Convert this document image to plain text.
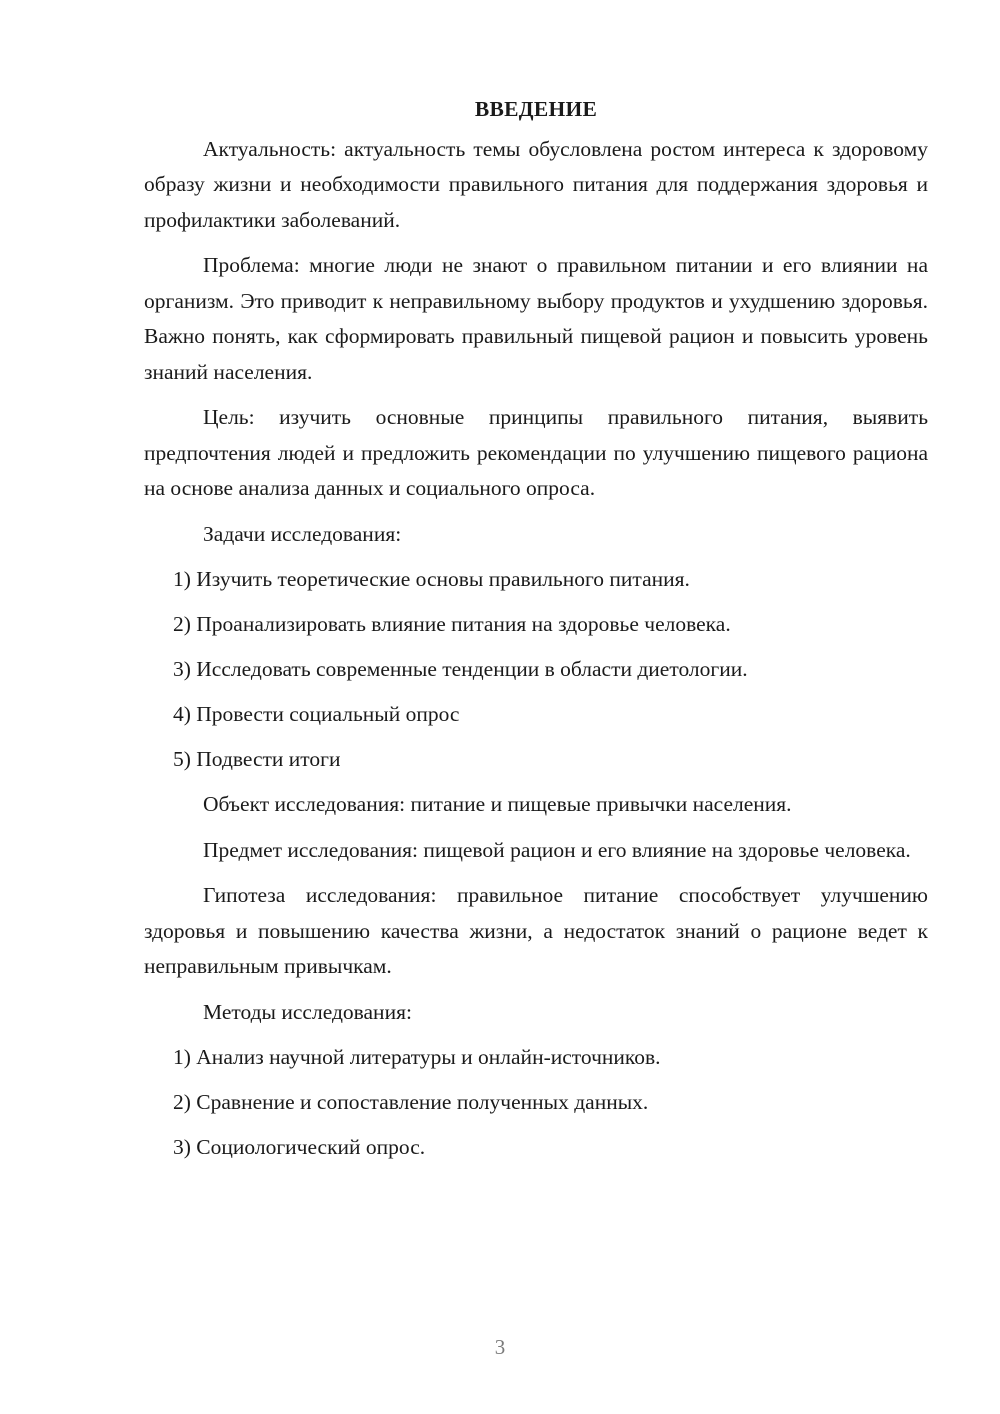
ВВЕДЕНИЕ

Актуальность: актуальность темы обусловлена ростом интереса к здоровому образу жизни и необходимости правильного питания для поддержания здоровья и профилактики заболеваний.

Проблема: многие люди не знают о правильном питании и его влиянии на организм. Это приводит к неправильному выбору продуктов и ухудшению здоровья. Важно понять, как сформировать правильный пищевой рацион и повысить уровень знаний населения.

Цель: изучить основные принципы правильного питания, выявить предпочтения людей и предложить рекомендации по улучшению пищевого рациона на основе анализа данных и социального опроса.

Задачи исследования:

1) Изучить теоретические основы правильного питания.

2) Проанализировать влияние питания на здоровье человека.

3) Исследовать современные тенденции в области диетологии.

4) Провести социальный опрос

5) Подвести итоги

Объект исследования: питание и пищевые привычки населения.

Предмет исследования: пищевой рацион и его влияние на здоровье человека.

Гипотеза исследования: правильное питание способствует улучшению здоровья и повышению качества жизни, а недостаток знаний о рационе ведет к неправильным привычкам.

Методы исследования:

1) Анализ научной литературы и онлайн-источников.

2) Сравнение и сопоставление полученных данных.

3) Социологический опрос.

3
